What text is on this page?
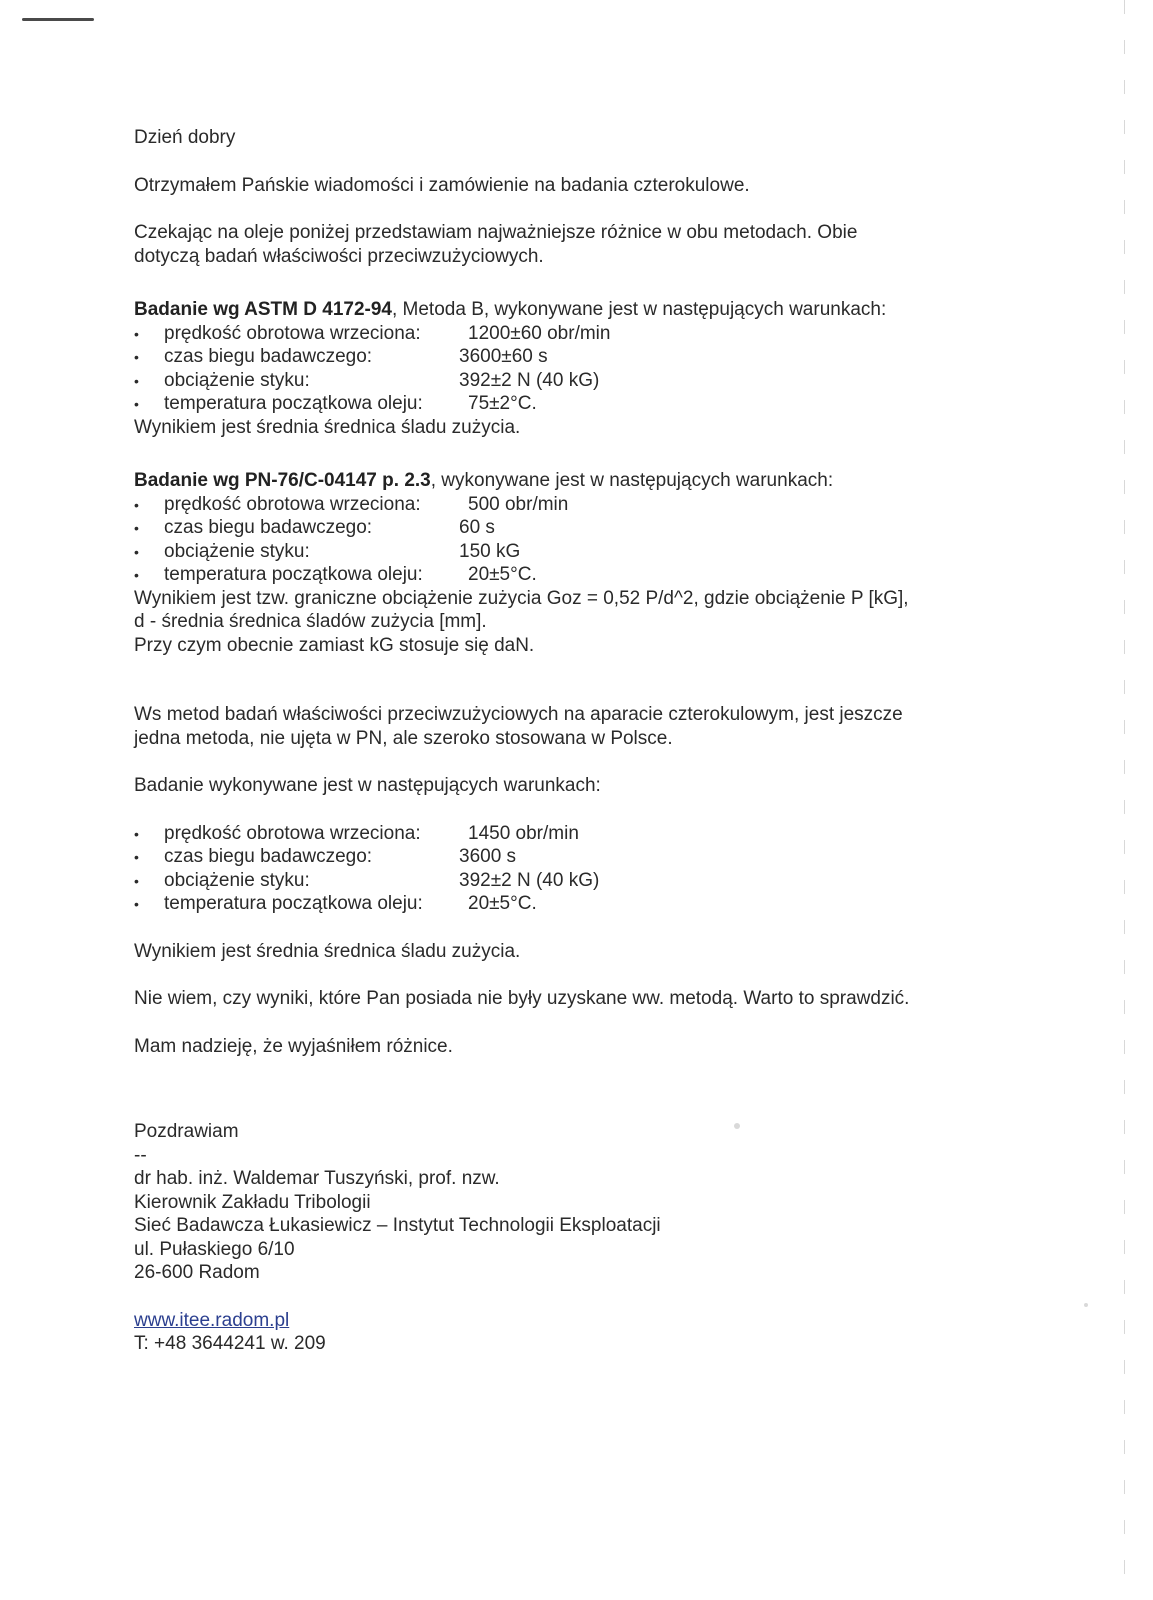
Dzień dobry

Otrzymałem Pańskie wiadomości i zamówienie na badania czterokulowe.

Czekając na oleje poniżej przedstawiam najważniejsze różnice w obu metodach. Obie

dotyczą badań właściwości przeciwzużyciowych.

Badanie wg ASTM D 4172-94, Metoda B, wykonywane jest w następujących warunkach:

•	prędkość obrotowa wrzeciona: 1200±60 obr/min
•	czas biegu badawczego:	3600±60 s
•	obciążenie styku:	392±2 N (40 kG)
•	temperatura początkowa oleju: 75±2°C.

Wynikiem jest średnia średnica śladu zużycia.

Badanie wg PN-76/C-04147 p. 2.3, wykonywane jest w następujących warunkach:

•	prędkość obrotowa wrzeciona: 500 obr/min
•	czas biegu badawczego:	60 s
•	obciążenie styku:	150 kG
•	temperatura początkowa oleju: 20±5°C.

Wynikiem jest tzw. graniczne obciążenie zużycia Goz = 0,52 P/d^2, gdzie obciążenie P [kG],

d - średnia średnica śladów zużycia [mm].

Przy czym obecnie zamiast kG stosuje się daN.

Ws metod badań właściwości przeciwzużyciowych na aparacie czterokulowym, jest jeszcze

jedna metoda, nie ujęta w PN, ale szeroko stosowana w Polsce.

Badanie wykonywane jest w następujących warunkach:

•	prędkość obrotowa wrzeciona: 1450 obr/min
•	czas biegu badawczego:	3600 s
•	obciążenie styku:	392±2 N (40 kG)
•	temperatura początkowa oleju: 20±5°C.

Wynikiem jest średnia średnica śladu zużycia.

Nie wiem, czy wyniki, które Pan posiada nie były uzyskane ww. metodą. Warto to sprawdzić.

Mam nadzieję, że wyjaśniłem różnice.

Pozdrawiam

--

dr hab. inż. Waldemar Tuszyński, prof. nzw.

Kierownik Zakładu Tribologii

Sieć Badawcza Łukasiewicz – Instytut Technologii Eksploatacji

ul. Pułaskiego 6/10

26-600 Radom

www.itee.radom.pl

T: +48 3644241 w. 209
